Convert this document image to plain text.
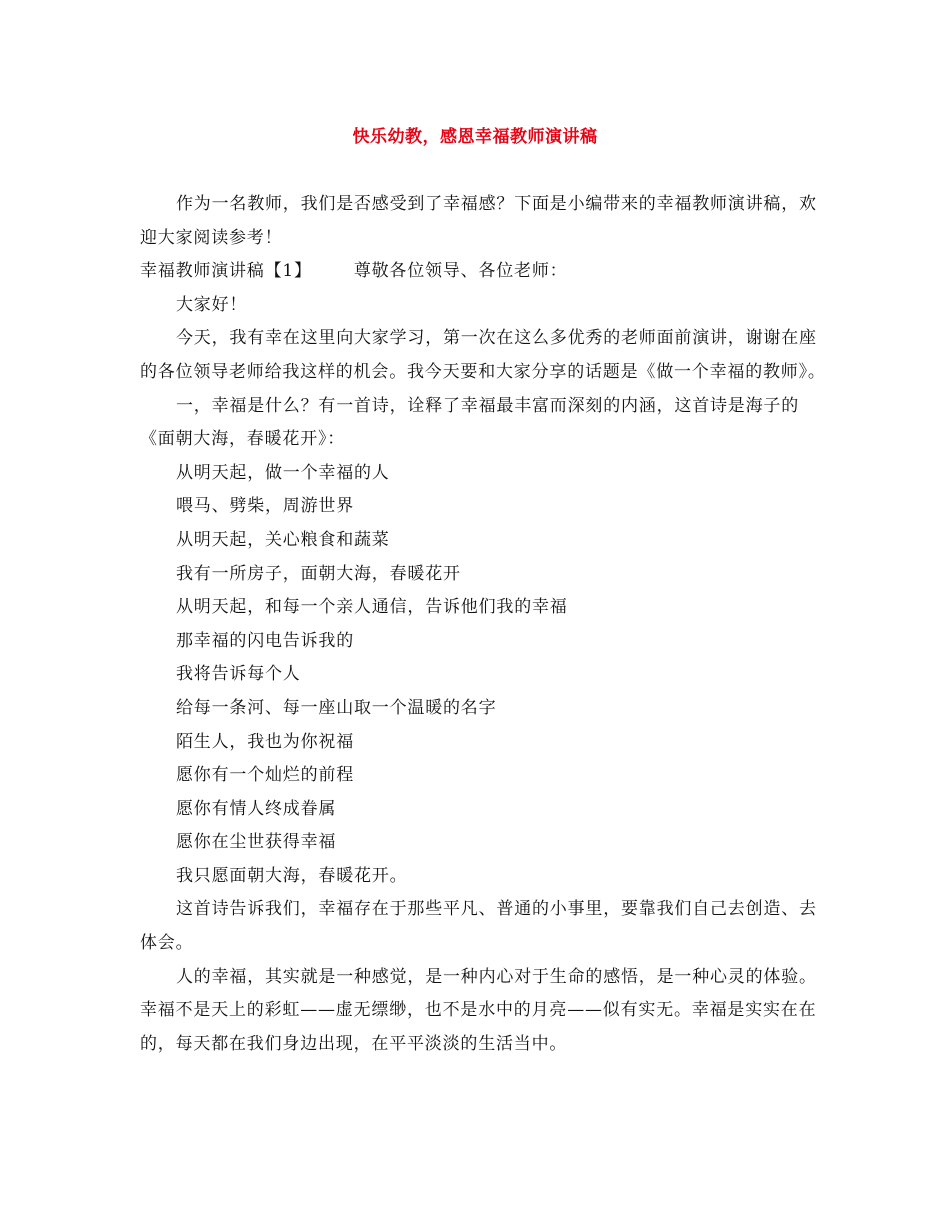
快乐幼教，感恩幸福教师演讲稿

作为一名教师，我们是否感受到了幸福感？下面是小编带来的幸福教师演讲稿，欢迎大家阅读参考！

幸福教师演讲稿【1】 尊敬各位领导、各位老师：

大家好！

今天，我有幸在这里向大家学习，第一次在这么多优秀的老师面前演讲，谢谢在座的各位领导老师给我这样的机会。我今天要和大家分享的话题是《做一个幸福的教师》。

一，幸福是什么？有一首诗，诠释了幸福最丰富而深刻的内涵，这首诗是海子的《面朝大海，春暖花开》：

从明天起，做一个幸福的人

喂马、劈柴，周游世界

从明天起，关心粮食和蔬菜

我有一所房子，面朝大海，春暖花开

从明天起，和每一个亲人通信，告诉他们我的幸福

那幸福的闪电告诉我的

我将告诉每个人

给每一条河、每一座山取一个温暖的名字

陌生人，我也为你祝福

愿你有一个灿烂的前程

愿你有情人终成眷属

愿你在尘世获得幸福

我只愿面朝大海，春暖花开。

这首诗告诉我们，幸福存在于那些平凡、普通的小事里，要靠我们自己去创造、去体会。

人的幸福，其实就是一种感觉，是一种内心对于生命的感悟，是一种心灵的体验。幸福不是天上的彩虹——虚无缥缈，也不是水中的月亮——似有实无。幸福是实实在在的，每天都在我们身边出现，在平平淡淡的生活当中。
